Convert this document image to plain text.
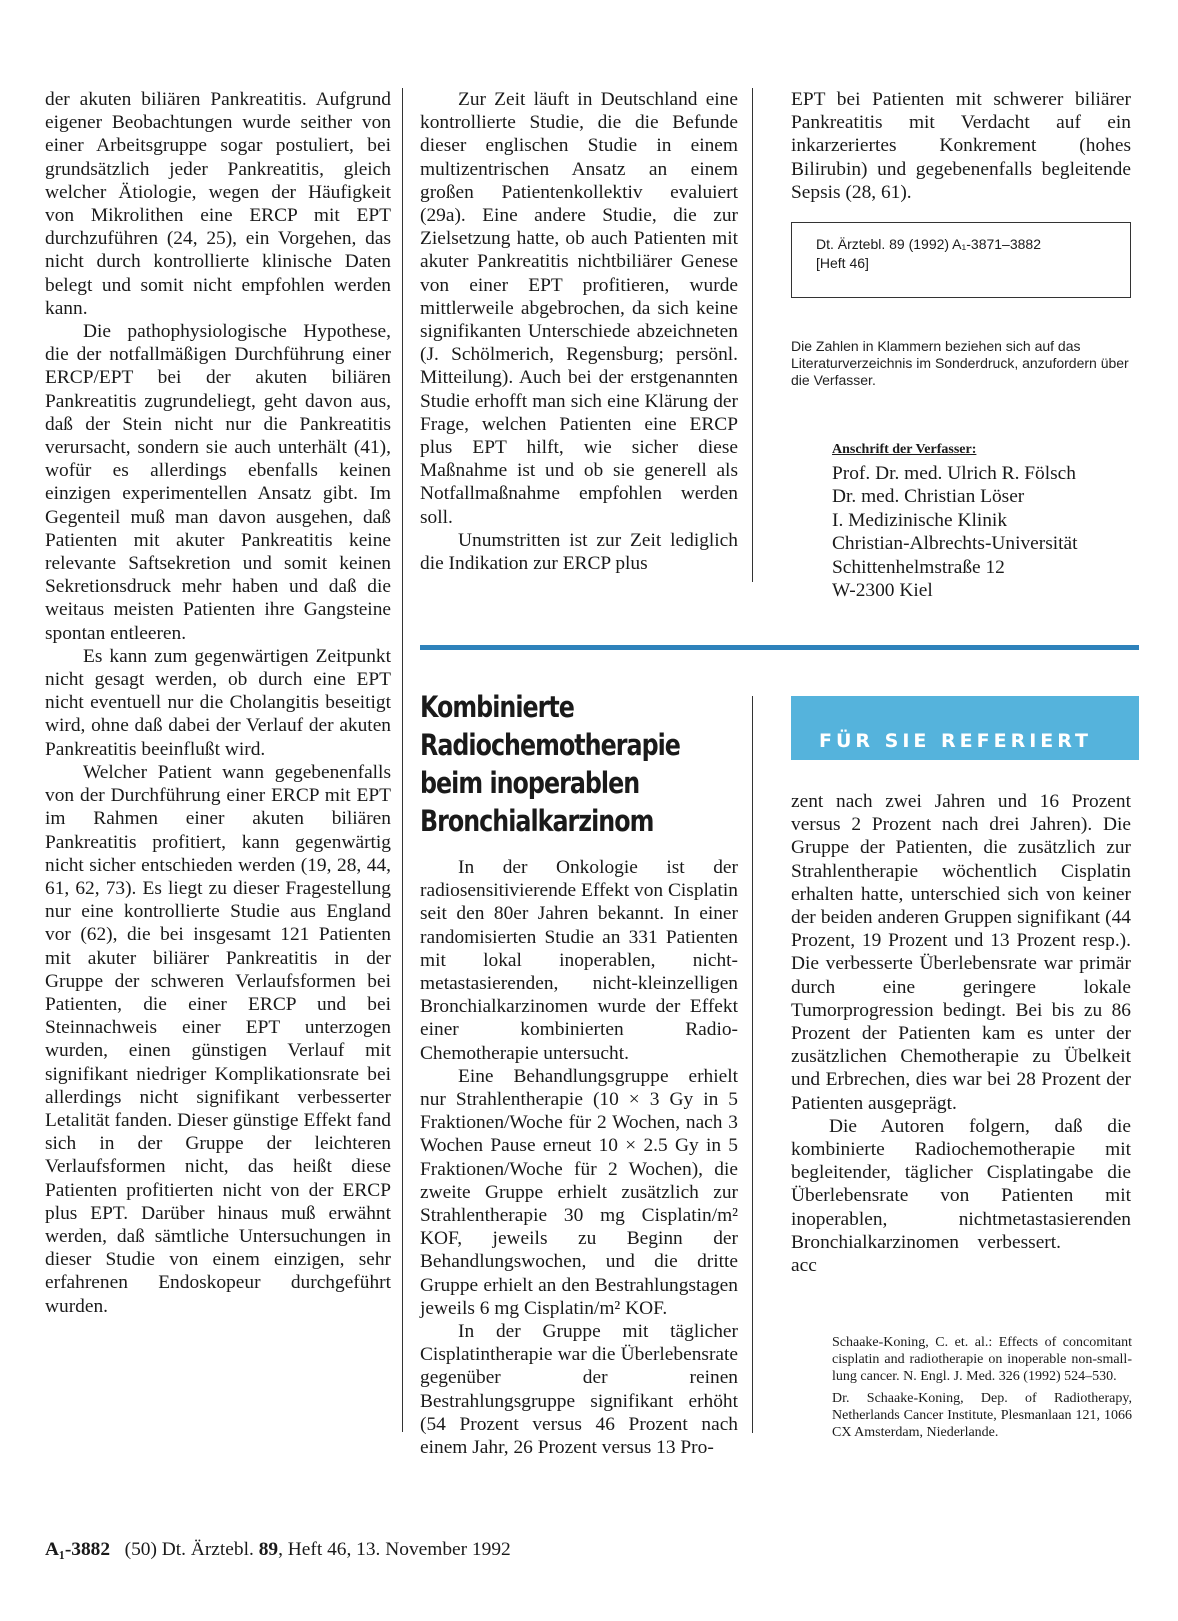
der akuten biliären Pankreatitis. Aufgrund eigener Beobachtungen wurde seither von einer Arbeitsgruppe sogar postuliert, bei grundsätzlich jeder Pankreatitis, gleich welcher Ätiologie, wegen der Häufigkeit von Mikrolithen eine ERCP mit EPT durchzuführen (24, 25), ein Vorgehen, das nicht durch kontrollierte klinische Daten belegt und somit nicht empfohlen werden kann.

Die pathophysiologische Hypothese, die der notfallmäßigen Durchführung einer ERCP/EPT bei der akuten biliären Pankreatitis zugrundeliegt, geht davon aus, daß der Stein nicht nur die Pankreatitis verursacht, sondern sie auch unterhält (41), wofür es allerdings ebenfalls keinen einzigen experimentellen Ansatz gibt. Im Gegenteil muß man davon ausgehen, daß Patienten mit akuter Pankreatitis keine relevante Saftsekretion und somit keinen Sekretionsdruck mehr haben und daß die weitaus meisten Patienten ihre Gangsteine spontan entleeren.

Es kann zum gegenwärtigen Zeitpunkt nicht gesagt werden, ob durch eine EPT nicht eventuell nur die Cholangitis beseitigt wird, ohne daß dabei der Verlauf der akuten Pankreatitis beeinflußt wird.

Welcher Patient wann gegebenenfalls von der Durchführung einer ERCP mit EPT im Rahmen einer akuten biliären Pankreatitis profitiert, kann gegenwärtig nicht sicher entschieden werden (19, 28, 44, 61, 62, 73). Es liegt zu dieser Fragestellung nur eine kontrollierte Studie aus England vor (62), die bei insgesamt 121 Patienten mit akuter biliärer Pankreatitis in der Gruppe der schweren Verlaufsformen bei Patienten, die einer ERCP und bei Steinnachweis einer EPT unterzogen wurden, einen günstigen Verlauf mit signifikant niedriger Komplikationsrate bei allerdings nicht signifikant verbesserter Letalität fanden. Dieser günstige Effekt fand sich in der Gruppe der leichteren Verlaufsformen nicht, das heißt diese Patienten profitierten nicht von der ERCP plus EPT. Darüber hinaus muß erwähnt werden, daß sämtliche Untersuchungen in dieser Studie von einem einzigen, sehr erfahrenen Endoskopeur durchgeführt wurden.

Zur Zeit läuft in Deutschland eine kontrollierte Studie, die die Befunde dieser englischen Studie in einem multizentrischen Ansatz an einem großen Patientenkollektiv evaluiert (29a). Eine andere Studie, die zur Zielsetzung hatte, ob auch Patienten mit akuter Pankreatitis nichtbiliärer Genese von einer EPT profitieren, wurde mittlerweile abgebrochen, da sich keine signifikanten Unterschiede abzeichneten (J. Schölmerich, Regensburg; persönl. Mitteilung). Auch bei der erstgenannten Studie erhofft man sich eine Klärung der Frage, welchen Patienten eine ERCP plus EPT hilft, wie sicher diese Maßnahme ist und ob sie generell als Notfallmaßnahme empfohlen werden soll.

Unumstritten ist zur Zeit lediglich die Indikation zur ERCP plus

EPT bei Patienten mit schwerer biliärer Pankreatitis mit Verdacht auf ein inkarzeriertes Konkrement (hohes Bilirubin) und gegebenenfalls begleitende Sepsis (28, 61).

Dt. Ärztebl. 89 (1992) A₁-3871–3882
[Heft 46]
Die Zahlen in Klammern beziehen sich auf das Literaturverzeichnis im Sonderdruck, anzufordern über die Verfasser.
Anschrift der Verfasser:
Prof. Dr. med. Ulrich R. Fölsch
Dr. med. Christian Löser
I. Medizinische Klinik
Christian-Albrechts-Universität
Schittenhelmstraße 12
W-2300 Kiel
Kombinierte
Radiochemotherapie
beim inoperablen
Bronchialkarzinom

In der Onkologie ist der radiosensitivierende Effekt von Cisplatin seit den 80er Jahren bekannt. In einer randomisierten Studie an 331 Patienten mit lokal inoperablen, nicht-metastasierenden, nicht-kleinzelligen Bronchialkarzinomen wurde der Effekt einer kombinierten Radio-Chemotherapie untersucht.

Eine Behandlungsgruppe erhielt nur Strahlentherapie (10 × 3 Gy in 5 Fraktionen/Woche für 2 Wochen, nach 3 Wochen Pause erneut 10 × 2.5 Gy in 5 Fraktionen/Woche für 2 Wochen), die zweite Gruppe erhielt zusätzlich zur Strahlentherapie 30 mg Cisplatin/m² KOF, jeweils zu Beginn der Behandlungswochen, und die dritte Gruppe erhielt an den Bestrahlungstagen jeweils 6 mg Cisplatin/m² KOF.

In der Gruppe mit täglicher Cisplatintherapie war die Überlebensrate gegenüber der reinen Bestrahlungsgruppe signifikant erhöht (54 Prozent versus 46 Prozent nach einem Jahr, 26 Prozent versus 13 Pro-

FÜR SIE REFERIERT

zent nach zwei Jahren und 16 Prozent versus 2 Prozent nach drei Jahren). Die Gruppe der Patienten, die zusätzlich zur Strahlentherapie wöchentlich Cisplatin erhalten hatte, unterschied sich von keiner der beiden anderen Gruppen signifikant (44 Prozent, 19 Prozent und 13 Prozent resp.). Die verbesserte Überlebensrate war primär durch eine geringere lokale Tumorprogression bedingt. Bei bis zu 86 Prozent der Patienten kam es unter der zusätzlichen Chemotherapie zu Übelkeit und Erbrechen, dies war bei 28 Prozent der Patienten ausgeprägt.

Die Autoren folgern, daß die kombinierte Radiochemotherapie mit begleitender, täglicher Cisplatingabe die Überlebensrate von Patienten mit inoperablen, nichtmetastasierenden Bronchialkarzinomen verbessert.acc

Schaake-Koning, C. et. al.: Effects of concomitant cisplatin and radiotherapie on inoperable non-small-lung cancer. N. Engl. J. Med. 326 (1992) 524–530.

Dr. Schaake-Koning, Dep. of Radiotherapy, Netherlands Cancer Institute, Plesmanlaan 121, 1066 CX Amsterdam, Niederlande.

A₁-3882 (50) Dt. Ärztebl. 89, Heft 46, 13. November 1992
